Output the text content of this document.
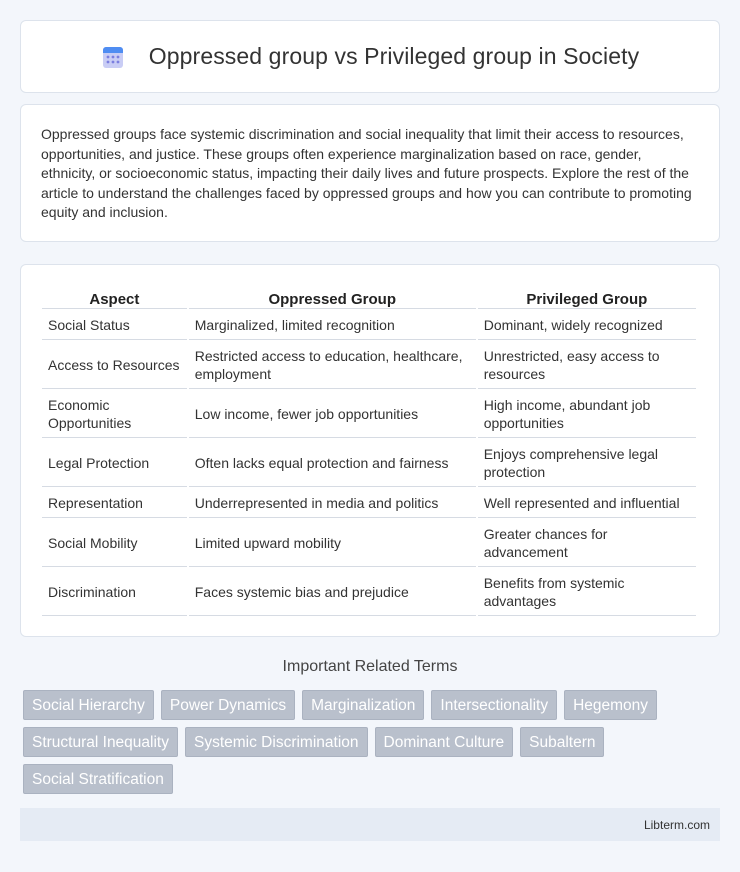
Oppressed group vs Privileged group in Society

Oppressed groups face systemic discrimination and social inequality that limit their access to resources, opportunities, and justice. These groups often experience marginalization based on race, gender, ethnicity, or socioeconomic status, impacting their daily lives and future prospects. Explore the rest of the article to understand the challenges faced by oppressed groups and how you can contribute to promoting equity and inclusion.

Aspect	Oppressed Group	Privileged Group
Social Status	Marginalized, limited recognition	Dominant, widely recognized
Access to Resources	Restricted access to education, healthcare, employment	Unrestricted, easy access to resources
Economic Opportunities	Low income, fewer job opportunities	High income, abundant job opportunities
Legal Protection	Often lacks equal protection and fairness	Enjoys comprehensive legal protection
Representation	Underrepresented in media and politics	Well represented and influential
Social Mobility	Limited upward mobility	Greater chances for advancement
Discrimination	Faces systemic bias and prejudice	Benefits from systemic advantages
Important Related Terms
Social Hierarchy	Power Dynamics	Marginalization	Intersectionality	Hegemony
Structural Inequality	Systemic Discrimination	Dominant Culture	Subaltern
Social Stratification
Libterm.com
